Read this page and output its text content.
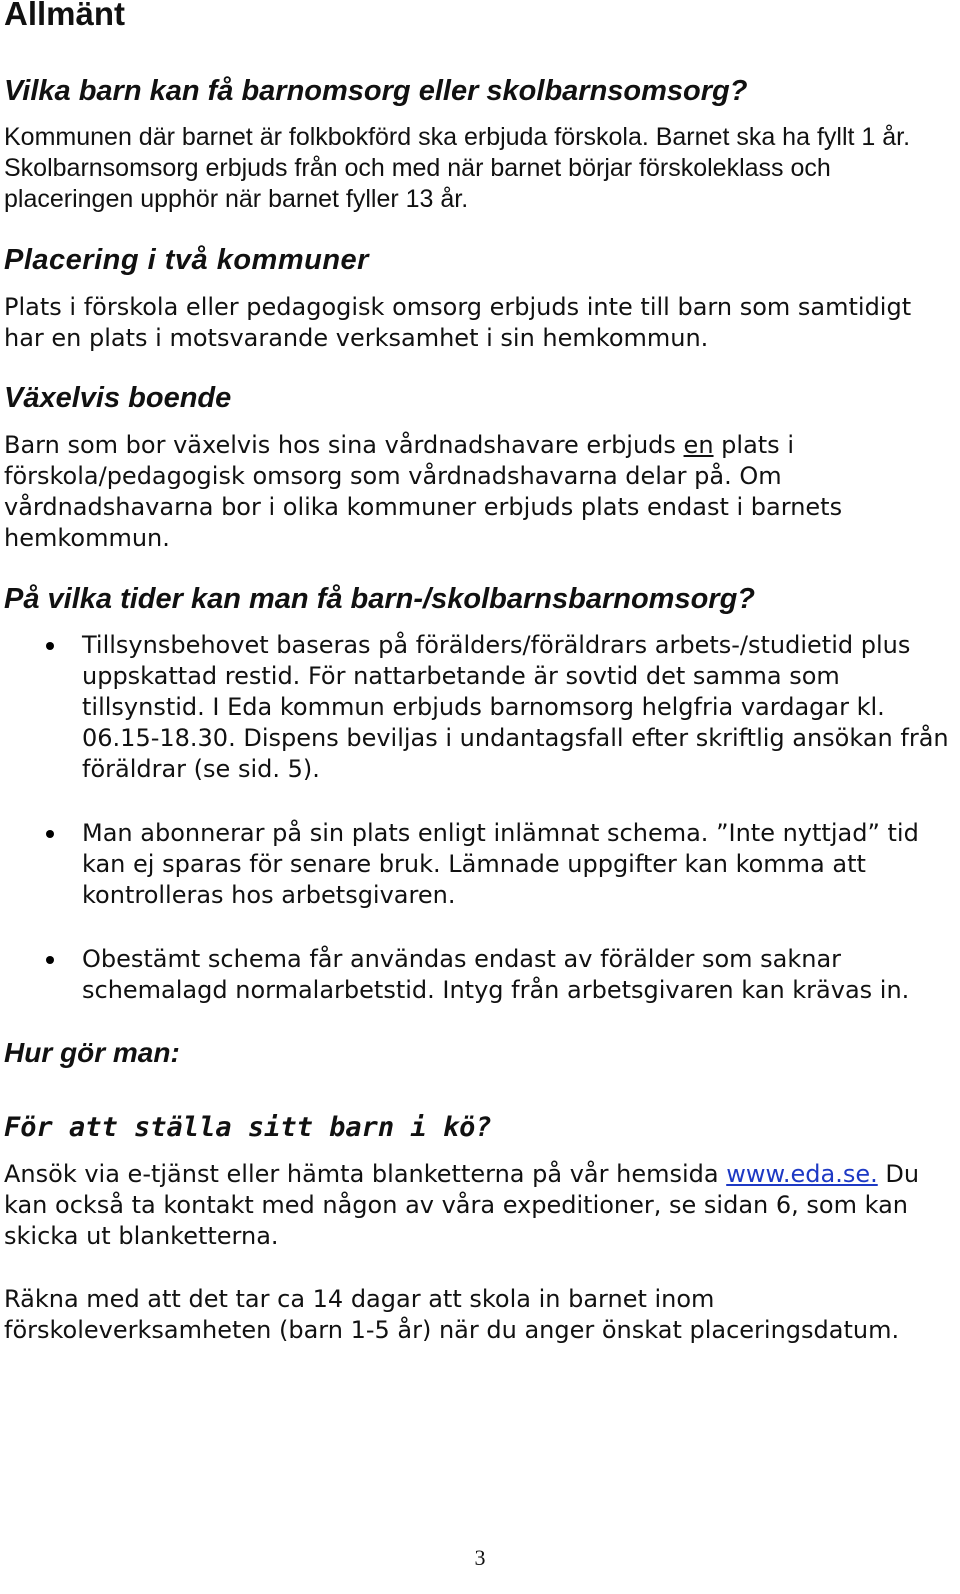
Allmänt
Vilka barn kan få barnomsorg eller skolbarnsomsorg?

Kommunen där barnet är folkbokförd ska erbjuda förskola. Barnet ska ha fyllt 1 år. Skolbarnsomsorg erbjuds från och med när barnet börjar förskoleklass och placeringen upphör när barnet fyller 13 år.

Placering i två kommuner

Plats i förskola eller pedagogisk omsorg erbjuds inte till barn som samtidigt har en plats i motsvarande verksamhet i sin hemkommun.

Växelvis boende

Barn som bor växelvis hos sina vårdnadshavare erbjuds en plats i förskola/pedagogisk omsorg som vårdnadshavarna delar på. Om vårdnadshavarna bor i olika kommuner erbjuds plats endast i barnets hemkommun.

På vilka tider kan man få barn-/skolbarnsbarnomsorg?
Tillsynsbehovet baseras på förälders/föräldrars arbets-/studietid plus uppskattad restid. För nattarbetande är sovtid det samma som tillsynstid. I Eda kommun erbjuds barnomsorg helgfria vardagar kl. 06.15-18.30. Dispens beviljas i undantagsfall efter skriftlig ansökan från föräldrar (se sid. 5).
Man abonnerar på sin plats enligt inlämnat schema. ”Inte nyttjad” tid kan ej sparas för senare bruk. Lämnade uppgifter kan komma att kontrolleras hos arbetsgivaren.
Obestämt schema får användas endast av förälder som saknar schemalagd normalarbetstid. Intyg från arbetsgivaren kan krävas in.
Hur gör man:
För att ställa sitt barn i kö?

Ansök via e-tjänst eller hämta blanketterna på vår hemsida www.eda.se. Du kan också ta kontakt med någon av våra expeditioner, se sidan 6, som kan skicka ut blanketterna.

Räkna med att det tar ca 14 dagar att skola in barnet inom förskoleverksamheten (barn 1-5 år) när du anger önskat placeringsdatum.

3
